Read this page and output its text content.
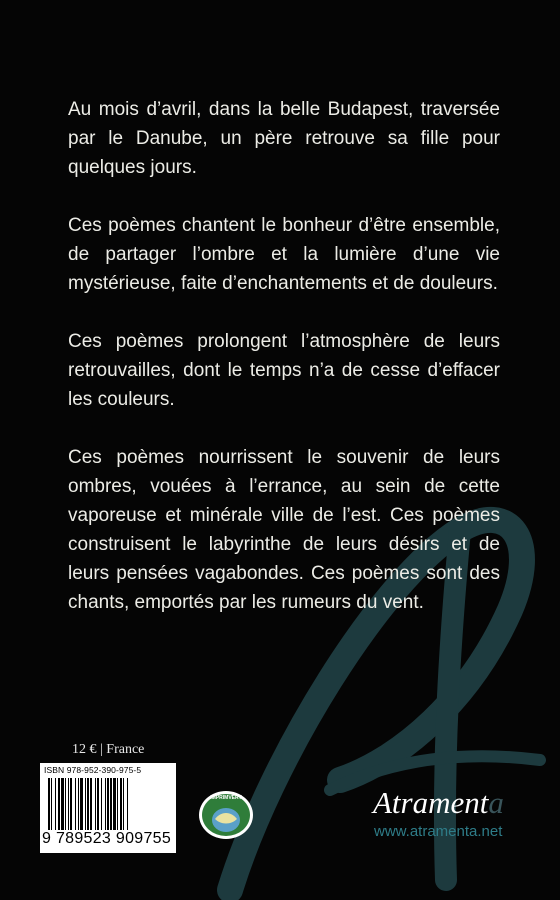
Au mois d’avril, dans la belle Budapest, traversée par le Danube, un père retrouve sa fille pour quelques jours.

Ces poèmes chantent le bonheur d’être ensemble, de partager l’ombre et la lumière d’une vie mystérieuse, faite d’enchantements et de douleurs.

Ces poèmes prolongent l’atmosphère de leurs retrouvailles, dont le temps n’a de cesse d’effacer les couleurs.

Ces poèmes nourrissent le souvenir de leurs ombres, vouées à l’errance, au sein de cette vaporeuse et minérale ville de l’est. Ces poèmes construisent le labyrinthe de leurs désirs et de leurs pensées vagabondes. Ces poèmes sont des chants, emportés par les rumeurs du vent.

12 € | France
ISBN 978-952-390-975-5
9 789523 909755
IMPRIMVERT	Atramenta
www.atramenta.net
